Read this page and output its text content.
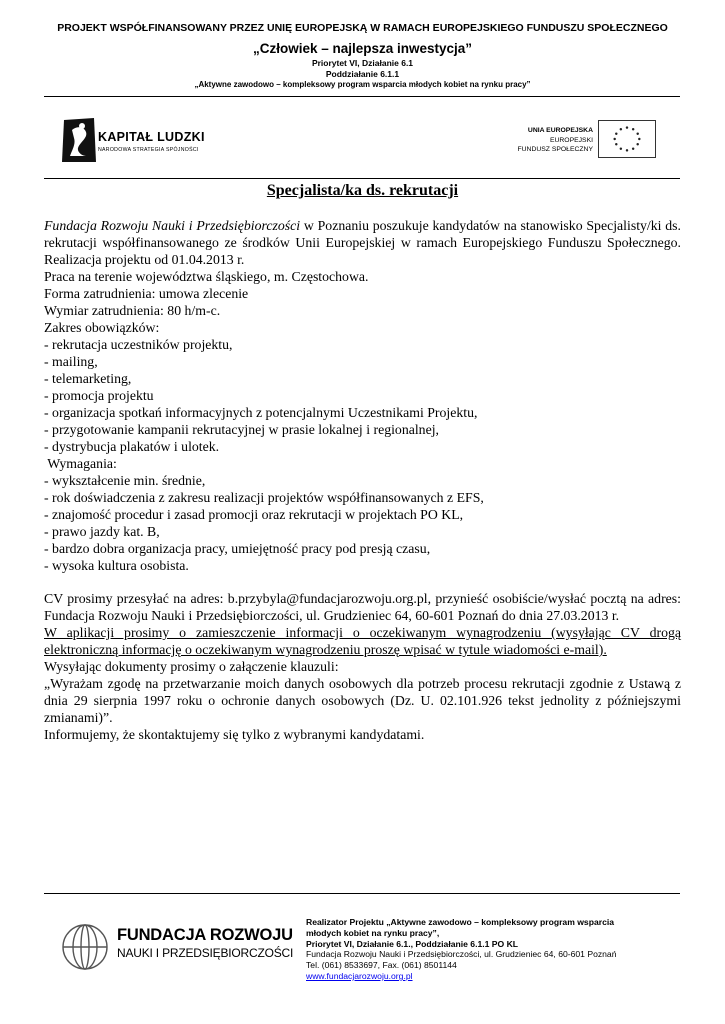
PROJEKT WSPÓŁFINANSOWANY PRZEZ UNIĘ EUROPEJSKĄ W RAMACH EUROPEJSKIEGO FUNDUSZU SPOŁECZNEGO
„Człowiek – najlepsza inwestycja”
Priorytet VI, Działanie 6.1
Poddziałanie 6.1.1
„Aktywne zawodowo – kompleksowy program wsparcia młodych kobiet na rynku pracy”
KAPITAŁ LUDZKI
NARODOWA STRATEGIA SPÓJNOŚCI
UNIA EUROPEJSKA
EUROPEJSKI
FUNDUSZ SPOŁECZNY
Specjalista/ka ds. rekrutacji

Fundacja Rozwoju Nauki i Przedsiębiorczości w Poznaniu poszukuje kandydatów na stanowisko Specjalisty/ki ds. rekrutacji współfinansowanego ze środków Unii Europejskiej w ramach Europejskiego Funduszu Społecznego. Realizacja projektu od 01.04.2013 r.

Praca na terenie województwa śląskiego, m. Częstochowa.

Forma zatrudnienia: umowa zlecenie

Wymiar zatrudnienia: 80 h/m-c.

Zakres obowiązków:

- rekrutacja uczestników projektu,

- mailing,

- telemarketing,

- promocja projektu

- organizacja spotkań informacyjnych z potencjalnymi Uczestnikami Projektu,

- przygotowanie kampanii rekrutacyjnej w prasie lokalnej i regionalnej,

- dystrybucja plakatów i ulotek.

Wymagania:

- wykształcenie min. średnie,

- rok doświadczenia z zakresu realizacji projektów współfinansowanych z EFS,

- znajomość procedur i zasad promocji oraz rekrutacji w projektach PO KL,

- prawo jazdy kat. B,

- bardzo dobra organizacja pracy, umiejętność pracy pod presją czasu,

- wysoka kultura osobista.

CV prosimy przesyłać na adres: b.przybyla@fundacjarozwoju.org.pl, przynieść osobiście/wysłać pocztą na adres: Fundacja Rozwoju Nauki i Przedsiębiorczości, ul. Grudzieniec 64, 60-601 Poznań do dnia 27.03.2013 r.

W aplikacji prosimy o zamieszczenie informacji o oczekiwanym wynagrodzeniu (wysyłając CV drogą elektroniczną informację o oczekiwanym wynagrodzeniu proszę wpisać w tytule wiadomości e-mail).

Wysyłając dokumenty prosimy o załączenie klauzuli:

„Wyrażam zgodę na przetwarzanie moich danych osobowych dla potrzeb procesu rekrutacji zgodnie z Ustawą z dnia 29 sierpnia 1997 roku o ochronie danych osobowych (Dz. U. 02.101.926 tekst jednolity z późniejszymi zmianami)”.

Informujemy, że skontaktujemy się tylko z wybranymi kandydatami.

FUNDACJA ROZWOJU
NAUKI I PRZEDSIĘBIORCZOŚCI
Realizator Projektu „Aktywne zawodowo – kompleksowy program wsparcia
młodych kobiet na rynku pracy”,
Priorytet VI, Działanie 6.1., Poddziałanie 6.1.1 PO KL
Fundacja Rozwoju Nauki i Przedsiębiorczości, ul. Grudzieniec 64, 60-601 Poznań
Tel. (061) 8533697, Fax. (061) 8501144
www.fundacjarozwoju.org.pl
